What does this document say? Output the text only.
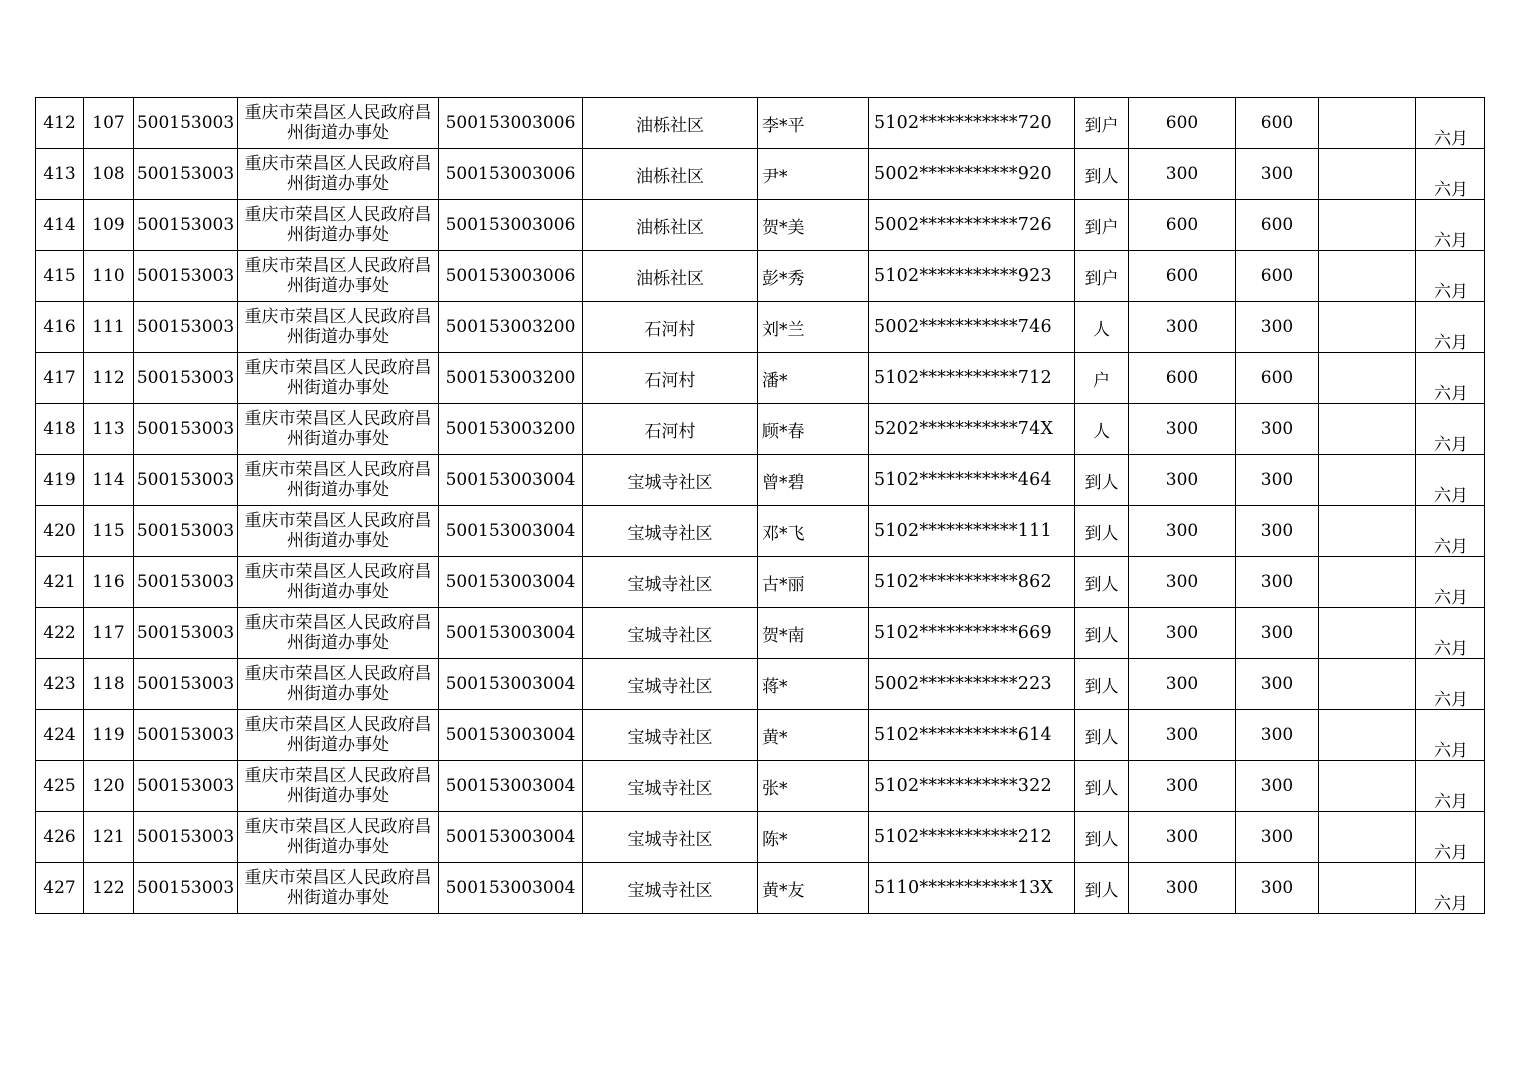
412	107	500153003	重庆市荣昌区人民政府昌州街道办事处	500153003006	油栎社区	李*平	5102***********720	到户	600	600		六月
413	108	500153003	重庆市荣昌区人民政府昌州街道办事处	500153003006	油栎社区	尹*	5002***********920	到人	300	300		六月
414	109	500153003	重庆市荣昌区人民政府昌州街道办事处	500153003006	油栎社区	贺*美	5002***********726	到户	600	600		六月
415	110	500153003	重庆市荣昌区人民政府昌州街道办事处	500153003006	油栎社区	彭*秀	5102***********923	到户	600	600		六月
416	111	500153003	重庆市荣昌区人民政府昌州街道办事处	500153003200	石河村	刘*兰	5002***********746	人	300	300		六月
417	112	500153003	重庆市荣昌区人民政府昌州街道办事处	500153003200	石河村	潘*	5102***********712	户	600	600		六月
418	113	500153003	重庆市荣昌区人民政府昌州街道办事处	500153003200	石河村	顾*春	5202***********74X	人	300	300		六月
419	114	500153003	重庆市荣昌区人民政府昌州街道办事处	500153003004	宝城寺社区	曾*碧	5102***********464	到人	300	300		六月
420	115	500153003	重庆市荣昌区人民政府昌州街道办事处	500153003004	宝城寺社区	邓*飞	5102***********111	到人	300	300		六月
421	116	500153003	重庆市荣昌区人民政府昌州街道办事处	500153003004	宝城寺社区	古*丽	5102***********862	到人	300	300		六月
422	117	500153003	重庆市荣昌区人民政府昌州街道办事处	500153003004	宝城寺社区	贺*南	5102***********669	到人	300	300		六月
423	118	500153003	重庆市荣昌区人民政府昌州街道办事处	500153003004	宝城寺社区	蒋*	5002***********223	到人	300	300		六月
424	119	500153003	重庆市荣昌区人民政府昌州街道办事处	500153003004	宝城寺社区	黄*	5102***********614	到人	300	300		六月
425	120	500153003	重庆市荣昌区人民政府昌州街道办事处	500153003004	宝城寺社区	张*	5102***********322	到人	300	300		六月
426	121	500153003	重庆市荣昌区人民政府昌州街道办事处	500153003004	宝城寺社区	陈*	5102***********212	到人	300	300		六月
427	122	500153003	重庆市荣昌区人民政府昌州街道办事处	500153003004	宝城寺社区	黄*友	5110***********13X	到人	300	300		六月
